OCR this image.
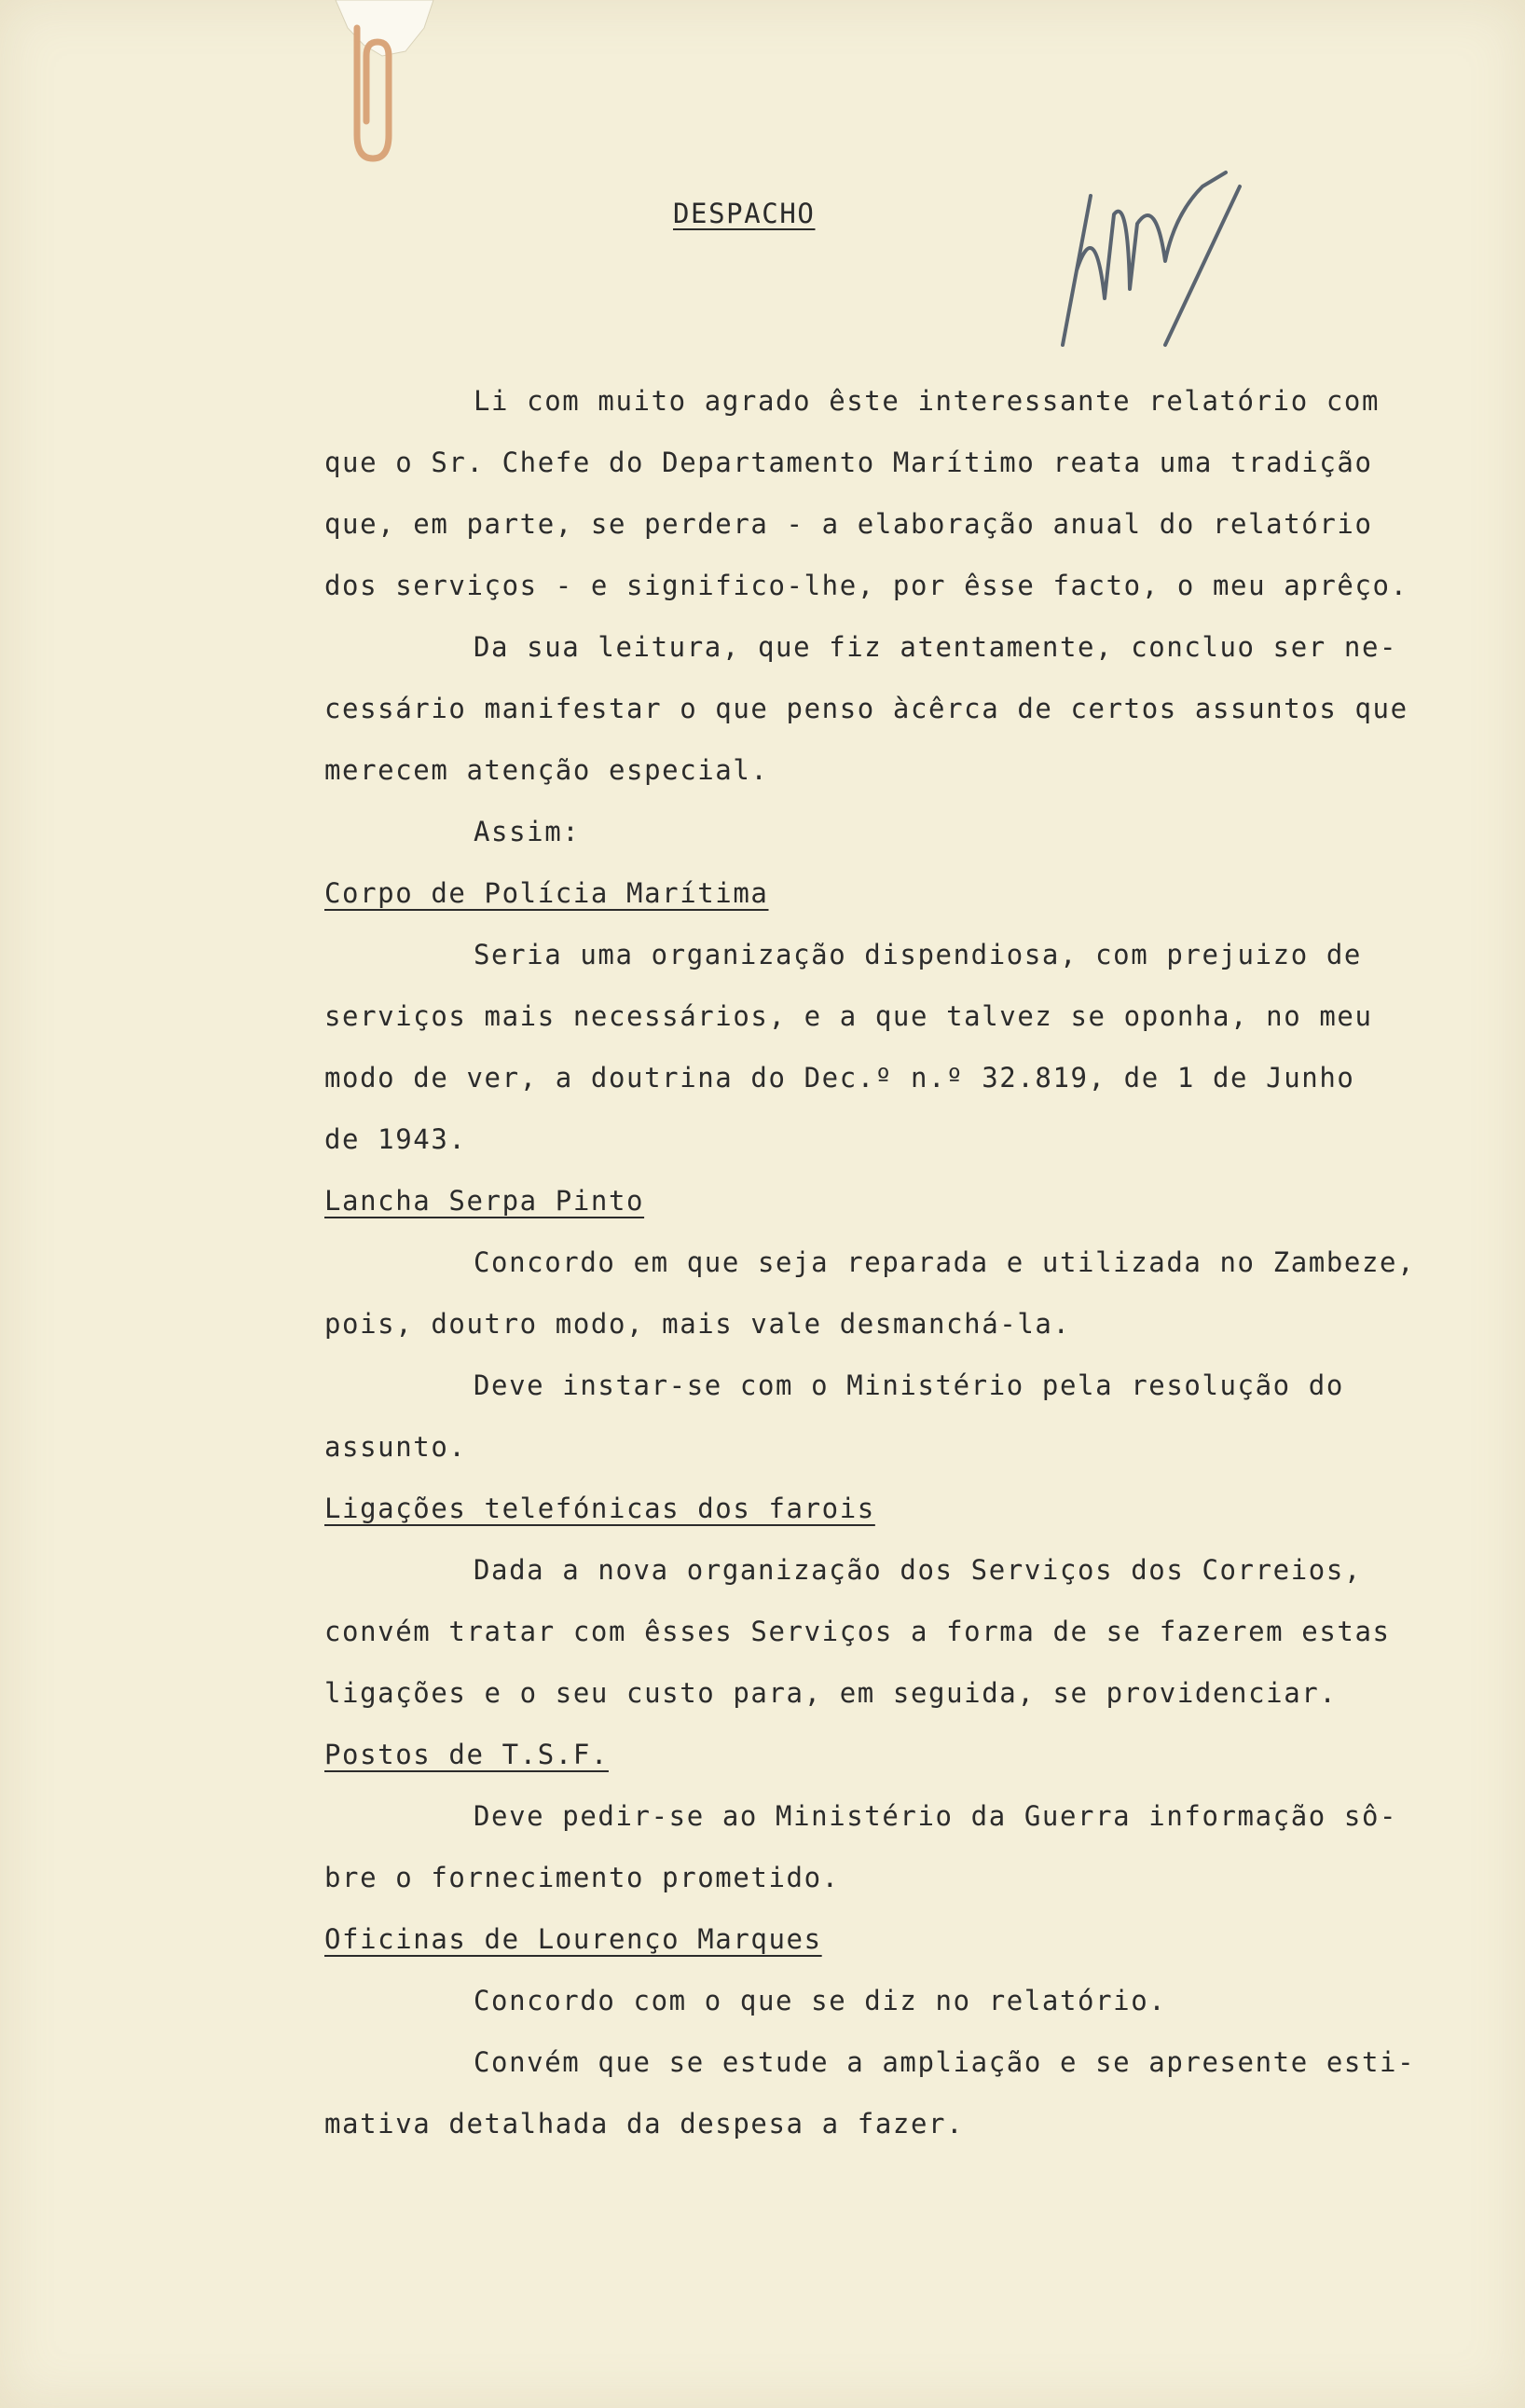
DESPACHO
Li com muito agrado êste interessante relatório com
que o Sr. Chefe do Departamento Marítimo reata uma tradição
que, em parte, se perdera - a elaboração anual do relatório
dos serviços - e significo-lhe, por êsse facto, o meu aprêço.
Da sua leitura, que fiz atentamente, concluo ser ne-
cessário manifestar o que penso àcêrca de certos assuntos que
merecem atenção especial.
Assim:
Corpo de Polícia Marítima
Seria uma organização dispendiosa, com prejuizo de
serviços mais necessários, e a que talvez se oponha, no meu
modo de ver, a doutrina do Dec.º n.º 32.819, de 1 de Junho
de 1943.
Lancha Serpa Pinto
Concordo em que seja reparada e utilizada no Zambeze,
pois, doutro modo, mais vale desmanchá-la.
Deve instar-se com o Ministério pela resolução do
assunto.
Ligações telefónicas dos farois
Dada a nova organização dos Serviços dos Correios,
convém tratar com êsses Serviços a forma de se fazerem estas
ligações e o seu custo para, em seguida, se providenciar.
Postos de T.S.F.
Deve pedir-se ao Ministério da Guerra informação sô-
bre o fornecimento prometido.
Oficinas de Lourenço Marques
Concordo com o que se diz no relatório.
Convém que se estude a ampliação e se apresente esti-
mativa detalhada da despesa a fazer.
